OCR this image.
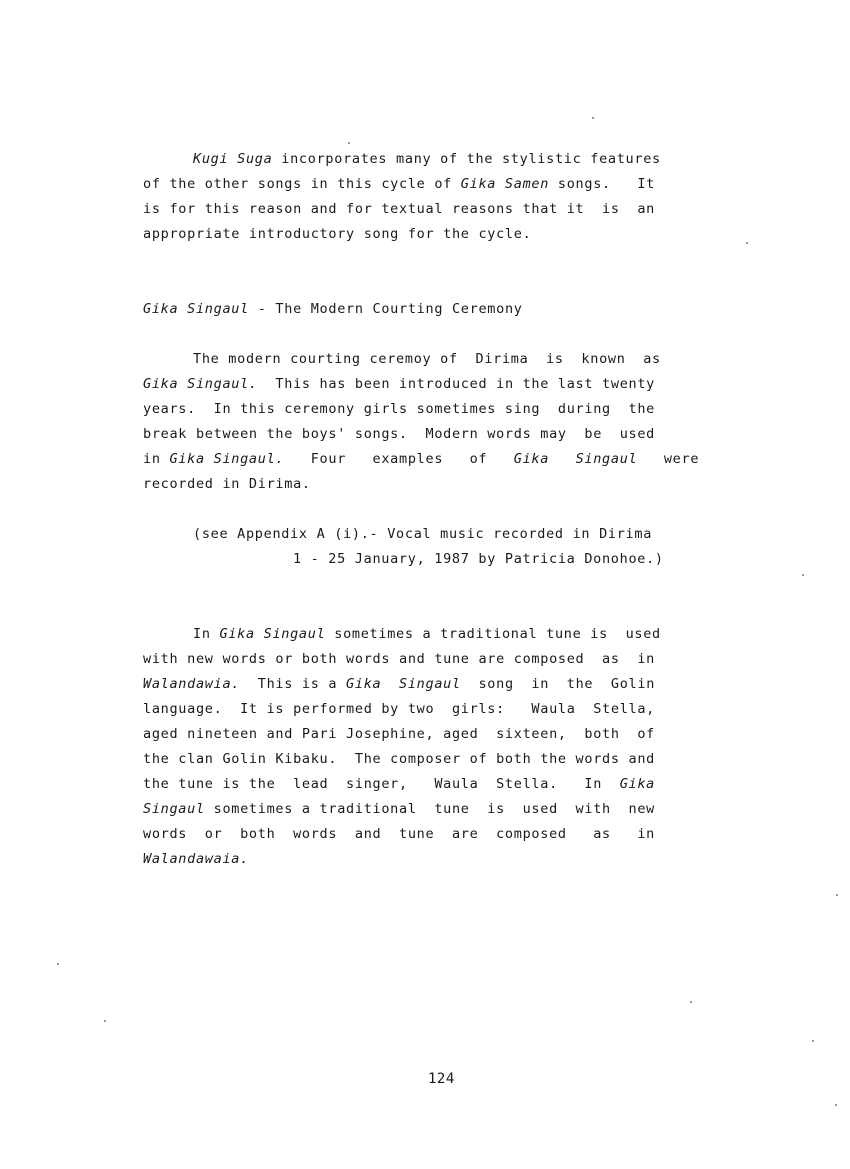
Kugi Suga incorporates many of the stylistic features
of the other songs in this cycle of Gika Samen songs.   It
is for this reason and for textual reasons that it  is  an
appropriate introductory song for the cycle.
Gika Singaul - The Modern Courting Ceremony
The modern courting ceremoy of  Dirima  is  known  as
Gika Singaul.  This has been introduced in the last twenty
years.  In this ceremony girls sometimes sing  during  the
break between the boys' songs.  Modern words may  be  used
in Gika Singaul.   Four   examples   of   Gika   Singaul   were
recorded in Dirima.
(see Appendix A (i).- Vocal music recorded in Dirima
1 - 25 January, 1987 by Patricia Donohoe.)
In Gika Singaul sometimes a traditional tune is  used
with new words or both words and tune are composed  as  in
Walandawia.  This is a Gika  Singaul  song  in  the  Golin
language.  It is performed by two  girls:   Waula  Stella,
aged nineteen and Pari Josephine, aged  sixteen,  both  of
the clan Golin Kibaku.  The composer of both the words and
the tune is the  lead  singer,   Waula  Stella.   In  Gika
Singaul sometimes a traditional  tune  is  used  with  new
words  or  both  words  and  tune  are  composed   as   in
Walandawaia.
124
